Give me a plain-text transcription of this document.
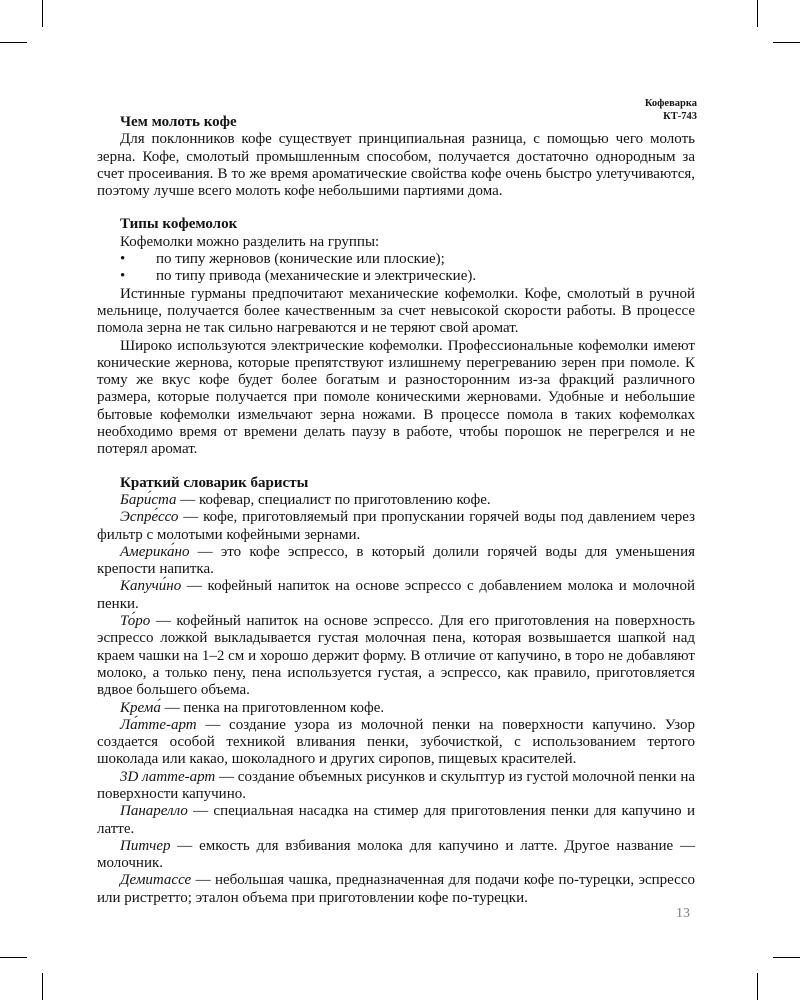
Кофеварка
КТ-743

Чем молоть кофе

Для поклонников кофе существует принципиальная разница, с помощью чего молоть зерна. Кофе, смолотый промышленным способом, получается достаточно однородным за счет просеивания. В то же время ароматические свойства кофе очень быстро улетучиваются, поэтому лучше всего молоть кофе небольшими партиями дома.

Типы кофемолок

Кофемолки можно разделить на группы:

•	по типу жерновов (конические или плоские);
•	по типу привода (механические и электрические).

Истинные гурманы предпочитают механические кофемолки. Кофе, смолотый в ручной мельнице, получается более качественным за счет невысокой скорости работы. В процессе помола зерна не так сильно нагреваются и не теряют свой аромат.

Широко используются электрические кофемолки. Профессиональные кофемолки имеют конические жернова, которые препятствуют излишнему перегреванию зерен при помоле. К тому же вкус кофе будет более богатым и разносторонним из-за фракций различного размера, которые получается при помоле коническими жерновами. Удобные и небольшие бытовые кофемолки измельчают зерна ножами. В процессе помола в таких кофемолках необходимо время от времени делать паузу в работе, чтобы порошок не перегрелся и не потерял аромат.

Краткий словарик баристы

Бари́ста — кофевар, специалист по приготовлению кофе.

Эспре́ссо — кофе, приготовляемый при пропускании горячей воды под давлением через фильтр с молотыми кофейными зернами.

Америка́но — это кофе эспрессо, в который долили горячей воды для уменьшения крепости напитка.

Капучи́но — кофейный напиток на основе эспрессо с добавлением молока и молочной пенки.

То́ро — кофейный напиток на основе эспрессо. Для его приготовления на поверхность эспрессо ложкой выкладывается густая молочная пена, которая возвышается шапкой над краем чашки на 1–2 см и хорошо держит форму. В отличие от капучино, в торо не добавляют молоко, а только пену, пена используется густая, а эспрессо, как правило, приготовляется вдвое большего объема.

Крема́ — пенка на приготовленном кофе.

Ла́тте-арт — создание узора из молочной пенки на поверхности капучино. Узор создается особой техникой вливания пенки, зубочисткой, с использованием тертого шоколада или какао, шоколадного и других сиропов, пищевых красителей.

3D латте-арт — создание объемных рисунков и скульптур из густой молочной пенки на поверхности капучино.

Панарелло — специальная насадка на стимер для приготовления пенки для капучино и латте.

Питчер — емкость для взбивания молока для капучино и латте. Другое название — молочник.

Демитассе — небольшая чашка, предназначенная для подачи кофе по-турецки, эспрессо или ристретто; эталон объема при приготовлении кофе по-турецки.

13
